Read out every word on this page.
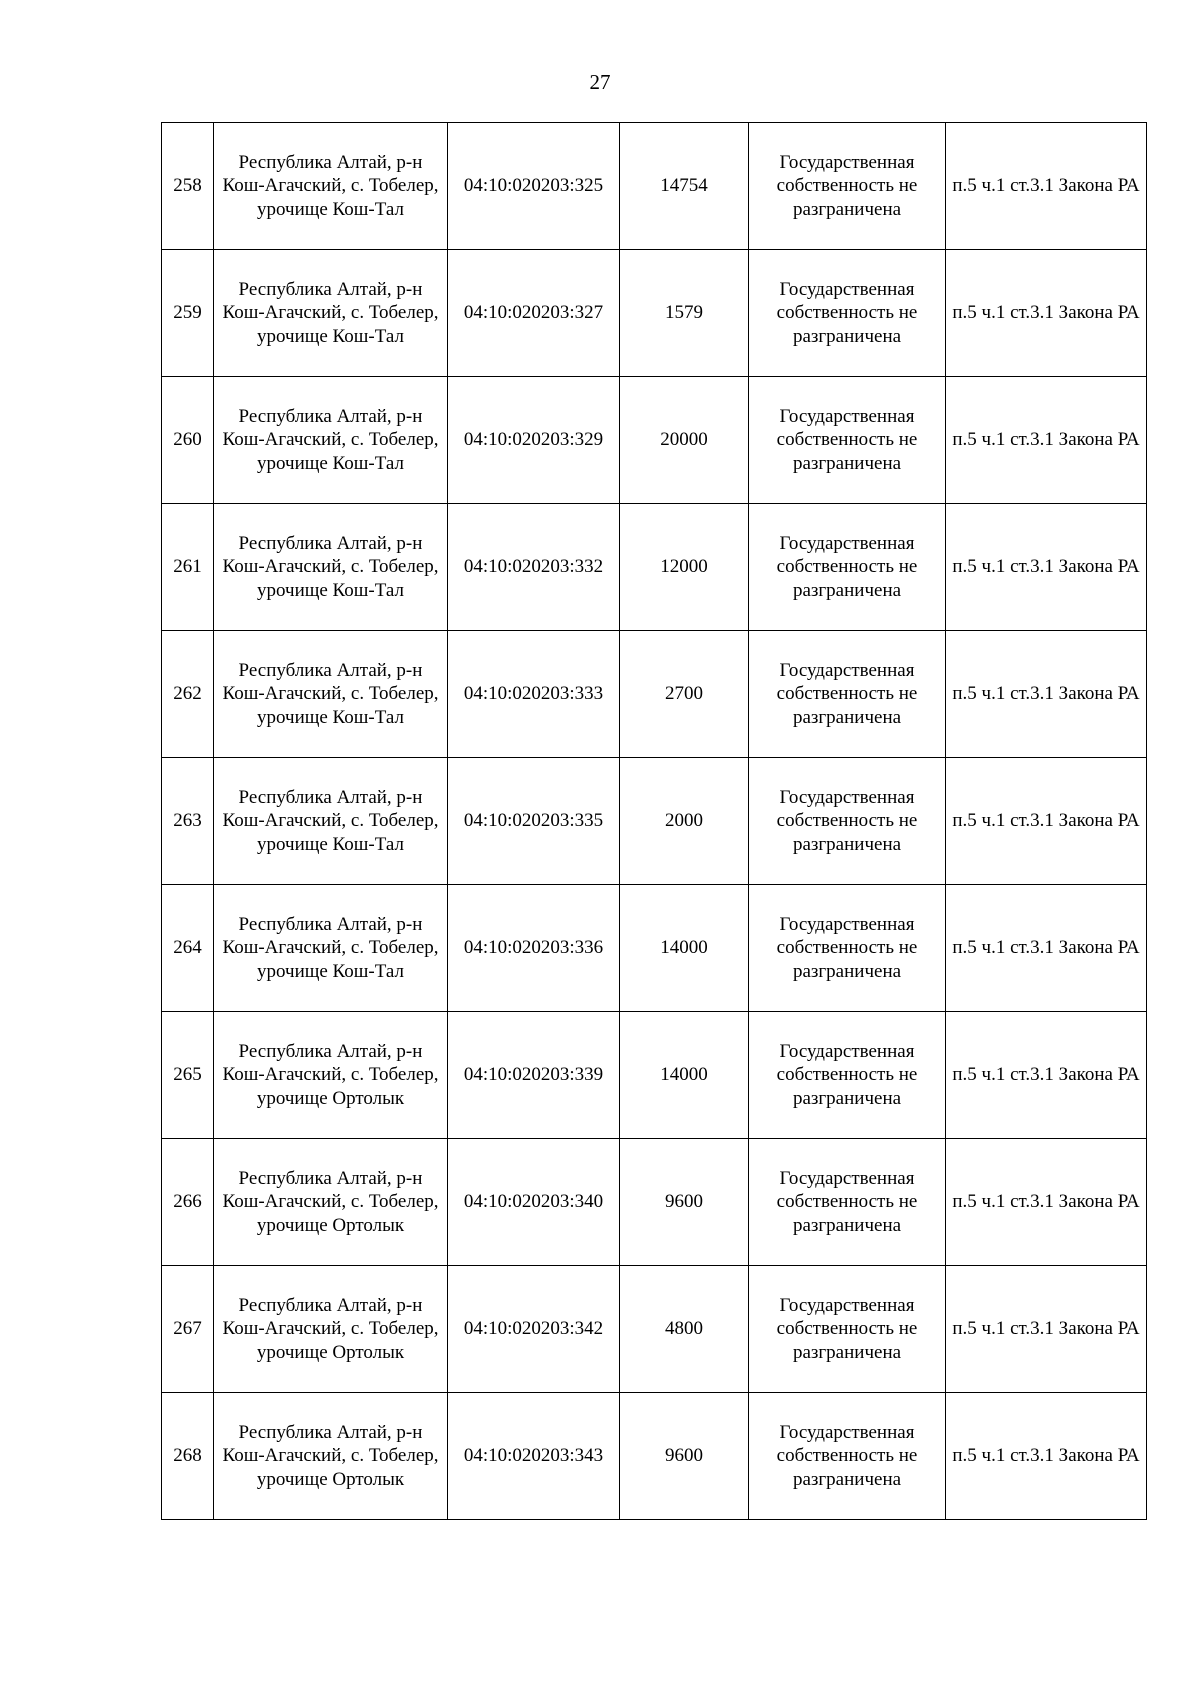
27
258	Республика Алтай, р-н Кош-Агачский, с. Тобелер, урочище Кош-Тал	04:10:020203:325	14754	Государственная собственность не разграничена	п.5 ч.1 ст.3.1 Закона РА
259	Республика Алтай, р-н Кош-Агачский, с. Тобелер, урочище Кош-Тал	04:10:020203:327	1579	Государственная собственность не разграничена	п.5 ч.1 ст.3.1 Закона РА
260	Республика Алтай, р-н Кош-Агачский, с. Тобелер, урочище Кош-Тал	04:10:020203:329	20000	Государственная собственность не разграничена	п.5 ч.1 ст.3.1 Закона РА
261	Республика Алтай, р-н Кош-Агачский, с. Тобелер, урочище Кош-Тал	04:10:020203:332	12000	Государственная собственность не разграничена	п.5 ч.1 ст.3.1 Закона РА
262	Республика Алтай, р-н Кош-Агачский, с. Тобелер, урочище Кош-Тал	04:10:020203:333	2700	Государственная собственность не разграничена	п.5 ч.1 ст.3.1 Закона РА
263	Республика Алтай, р-н Кош-Агачский, с. Тобелер, урочище Кош-Тал	04:10:020203:335	2000	Государственная собственность не разграничена	п.5 ч.1 ст.3.1 Закона РА
264	Республика Алтай, р-н Кош-Агачский, с. Тобелер, урочище Кош-Тал	04:10:020203:336	14000	Государственная собственность не разграничена	п.5 ч.1 ст.3.1 Закона РА
265	Республика Алтай, р-н Кош-Агачский, с. Тобелер, урочище Ортолык	04:10:020203:339	14000	Государственная собственность не разграничена	п.5 ч.1 ст.3.1 Закона РА
266	Республика Алтай, р-н Кош-Агачский, с. Тобелер, урочище Ортолык	04:10:020203:340	9600	Государственная собственность не разграничена	п.5 ч.1 ст.3.1 Закона РА
267	Республика Алтай, р-н Кош-Агачский, с. Тобелер, урочище Ортолык	04:10:020203:342	4800	Государственная собственность не разграничена	п.5 ч.1 ст.3.1 Закона РА
268	Республика Алтай, р-н Кош-Агачский, с. Тобелер, урочище Ортолык	04:10:020203:343	9600	Государственная собственность не разграничена	п.5 ч.1 ст.3.1 Закона РА
